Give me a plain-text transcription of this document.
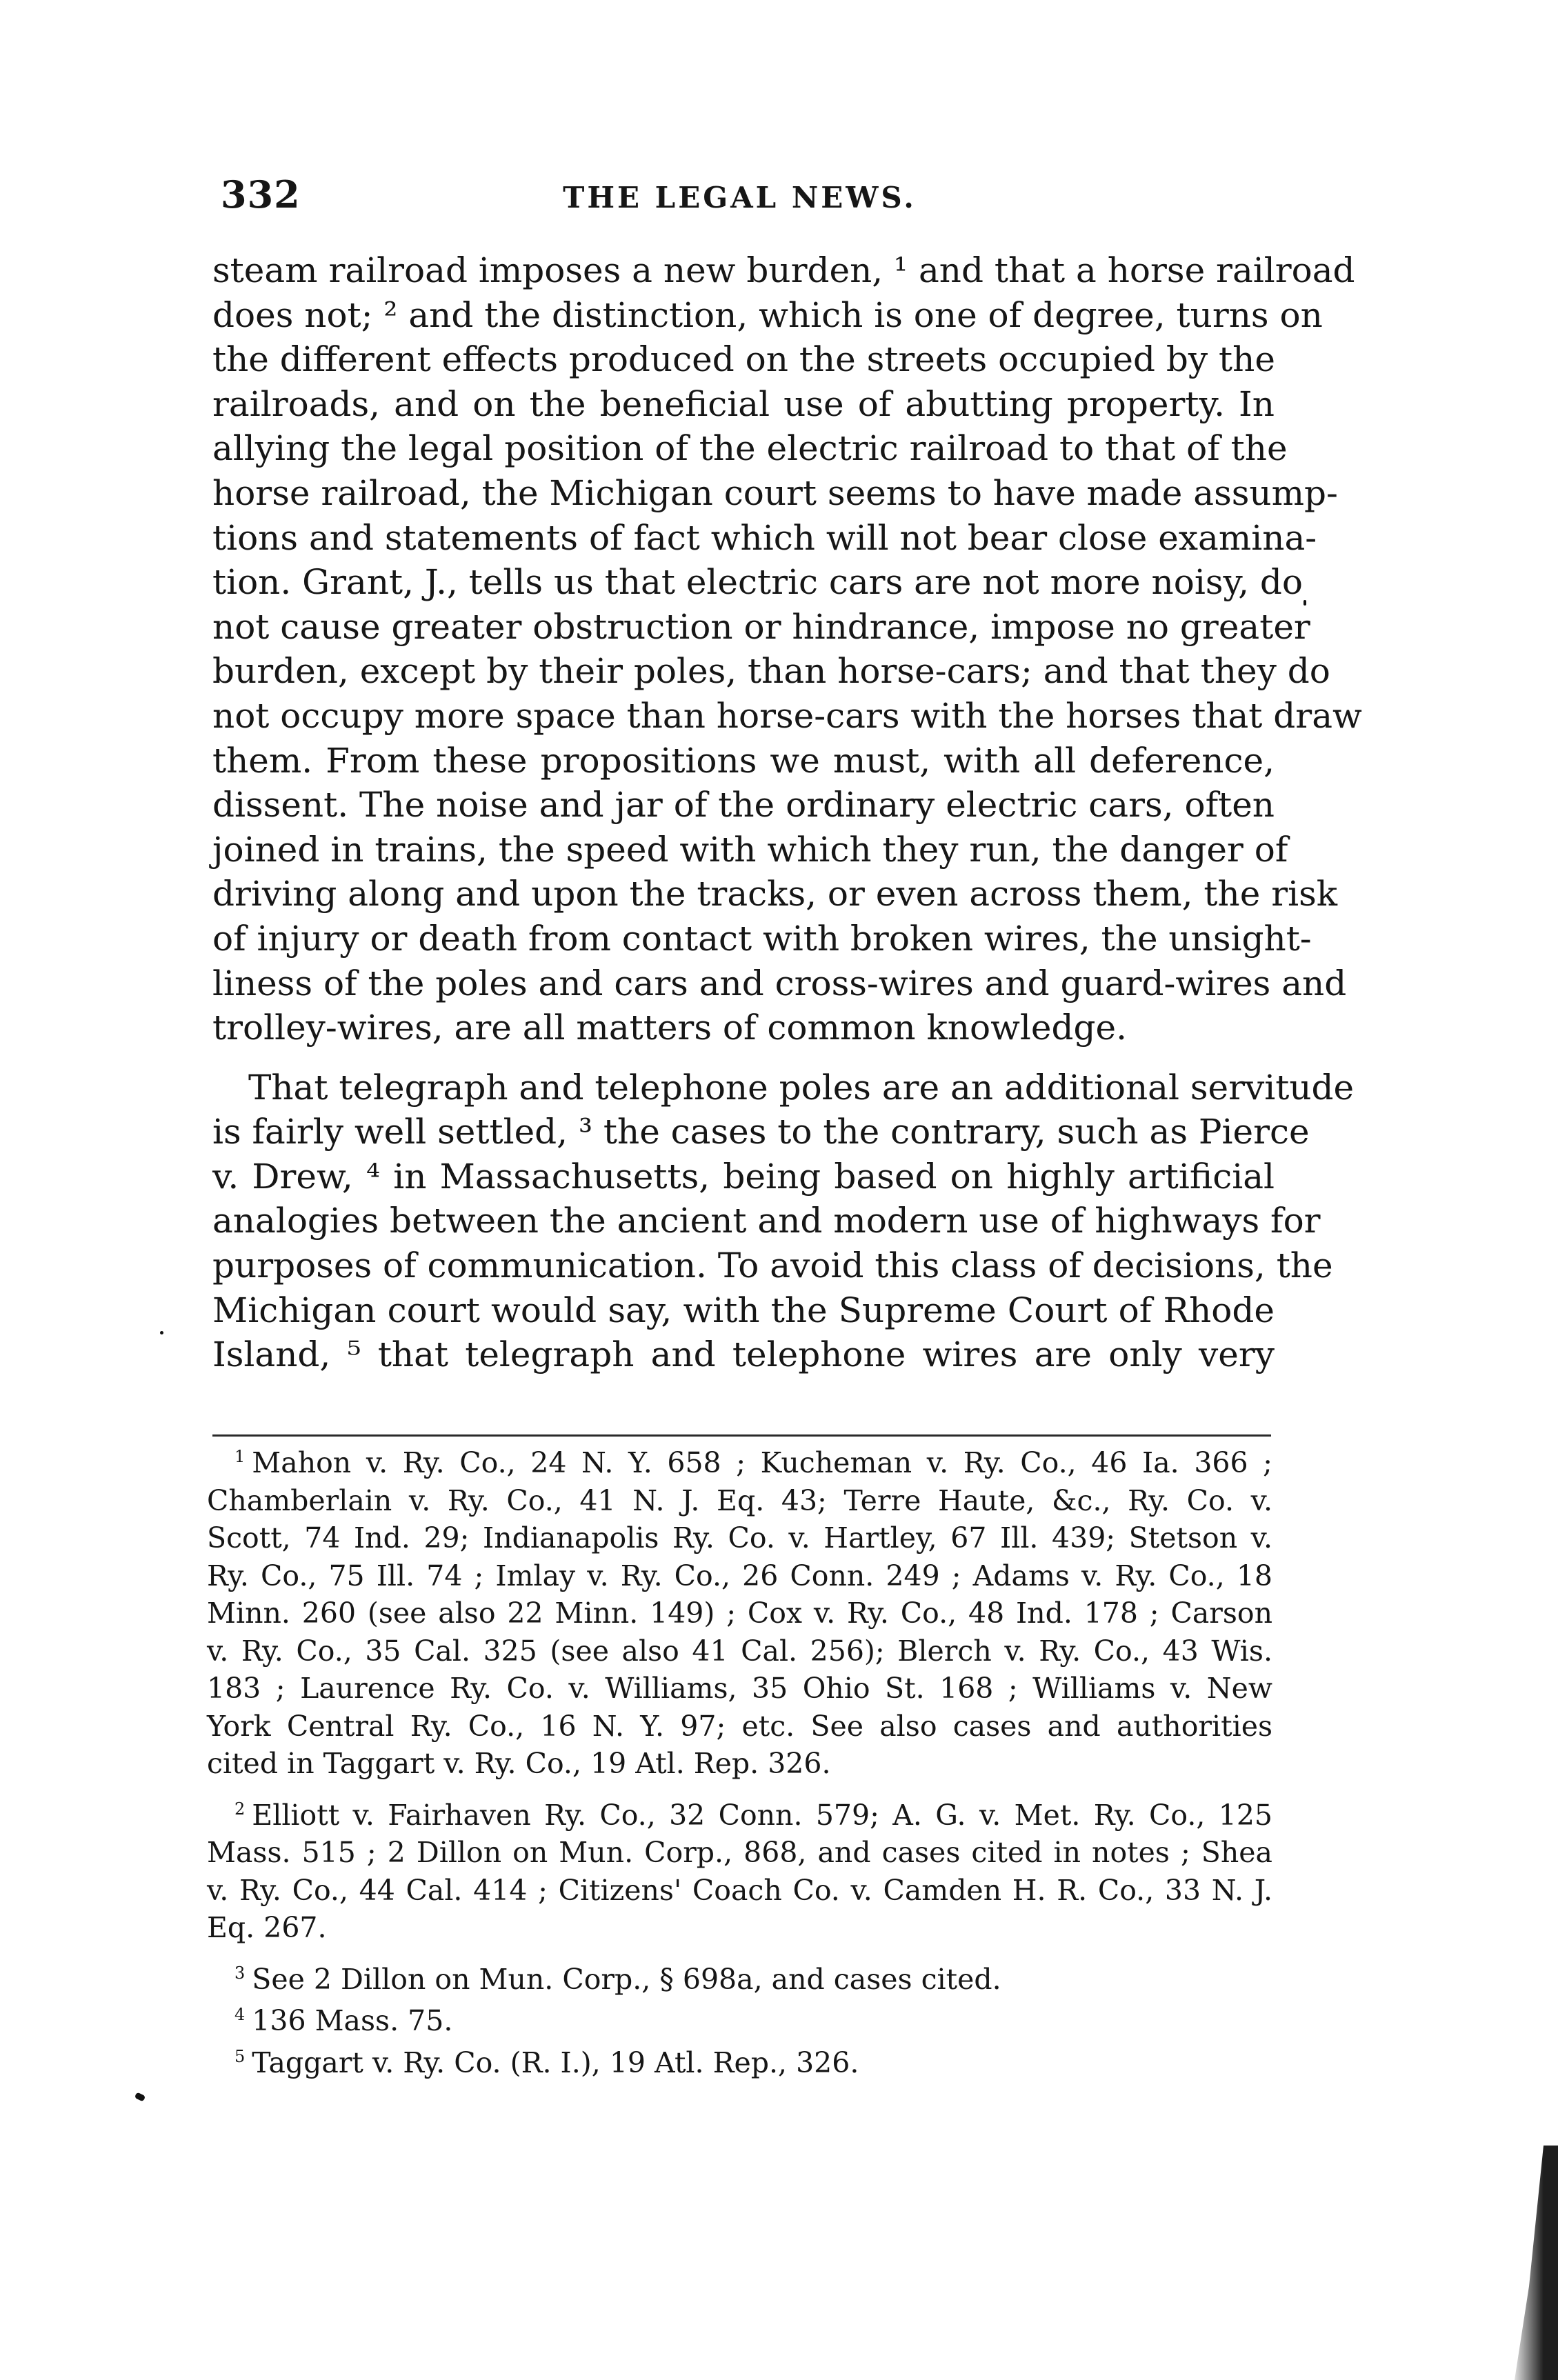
332	THE LEGAL NEWS.
steam railroad imposes a new burden, ¹ and that a horse railroad
does not; ² and the distinction, which is one of degree, turns on
the different effects produced on the streets occupied by the
railroads, and on the beneficial use of abutting property. In
allying the legal position of the electric railroad to that of the
horse railroad, the Michigan court seems to have made assump-
tions and statements of fact which will not bear close examina-
tion. Grant, J., tells us that electric cars are not more noisy, do
not cause greater obstruction or hindrance, impose no greater
burden, except by their poles, than horse-cars; and that they do
not occupy more space than horse-cars with the horses that draw
them. From these propositions we must, with all deference,
dissent. The noise and jar of the ordinary electric cars, often
joined in trains, the speed with which they run, the danger of
driving along and upon the tracks, or even across them, the risk
of injury or death from contact with broken wires, the unsight-
liness of the poles and cars and cross-wires and guard-wires and
trolley-wires, are all matters of common knowledge.
That telegraph and telephone poles are an additional servitude
is fairly well settled, ³ the cases to the contrary, such as Pierce
v. Drew, ⁴ in Massachusetts, being based on highly artificial
analogies between the ancient and modern use of highways for
purposes of communication. To avoid this class of decisions, the
Michigan court would say, with the Supreme Court of Rhode
Island, ⁵ that telegraph and telephone wires are only very
$^1$ Mahon v. Ry. Co., 24 N. Y. 658 ; Kucheman v. Ry. Co., 46 Ia. 366 ;
Chamberlain v. Ry. Co., 41 N. J. Eq. 43; Terre Haute, &c., Ry. Co. v.
Scott, 74 Ind. 29; Indianapolis Ry. Co. v. Hartley, 67 Ill. 439; Stetson v.
Ry. Co., 75 Ill. 74 ; Imlay v. Ry. Co., 26 Conn. 249 ; Adams v. Ry. Co., 18
Minn. 260 (see also 22 Minn. 149) ; Cox v. Ry. Co., 48 Ind. 178 ; Carson
v. Ry. Co., 35 Cal. 325 (see also 41 Cal. 256); Blerch v. Ry. Co., 43 Wis.
183 ; Laurence Ry. Co. v. Williams, 35 Ohio St. 168 ; Williams v. New
York Central Ry. Co., 16 N. Y. 97; etc. See also cases and authorities
cited in Taggart v. Ry. Co., 19 Atl. Rep. 326.
$^2$ Elliott v. Fairhaven Ry. Co., 32 Conn. 579; A. G. v. Met. Ry. Co., 125
Mass. 515 ; 2 Dillon on Mun. Corp., 868, and cases cited in notes ; Shea
v. Ry. Co., 44 Cal. 414 ; Citizens' Coach Co. v. Camden H. R. Co., 33 N. J.
Eq. 267.
$^3$ See 2 Dillon on Mun. Corp., § 698a, and cases cited.
$^4$ 136 Mass. 75.
$^5$ Taggart v. Ry. Co. (R. I.), 19 Atl. Rep., 326.
